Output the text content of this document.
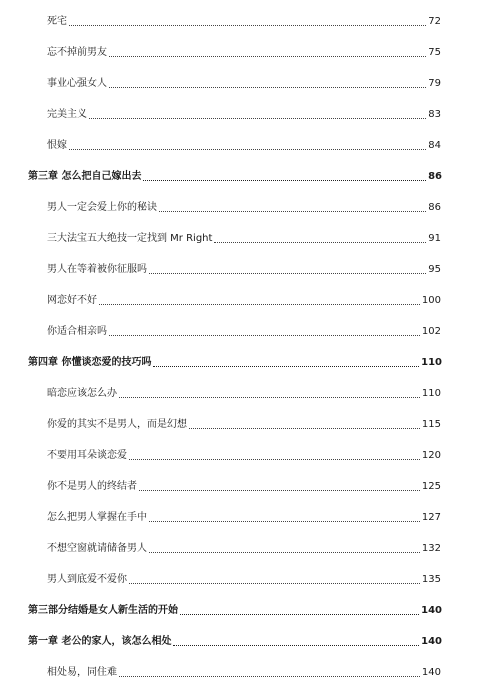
死宅	72
忘不掉前男友	75
事业心强女人	79
完美主义	83
恨嫁	84
第三章 怎么把自己嫁出去	86
男人一定会爱上你的秘诀	86
三大法宝五大绝技一定找到 Mr Right	91
男人在等着被你征服吗	95
网恋好不好	100
你适合相亲吗	102
第四章 你懂谈恋爱的技巧吗	110
暗恋应该怎么办	110
你爱的其实不是男人，而是幻想	115
不要用耳朵谈恋爱	120
你不是男人的终结者	125
怎么把男人掌握在手中	127
不想空窗就请储备男人	132
男人到底爱不爱你	135
第三部分结婚是女人新生活的开始	140
第一章 老公的家人，该怎么相处	140
相处易，同住难	140
